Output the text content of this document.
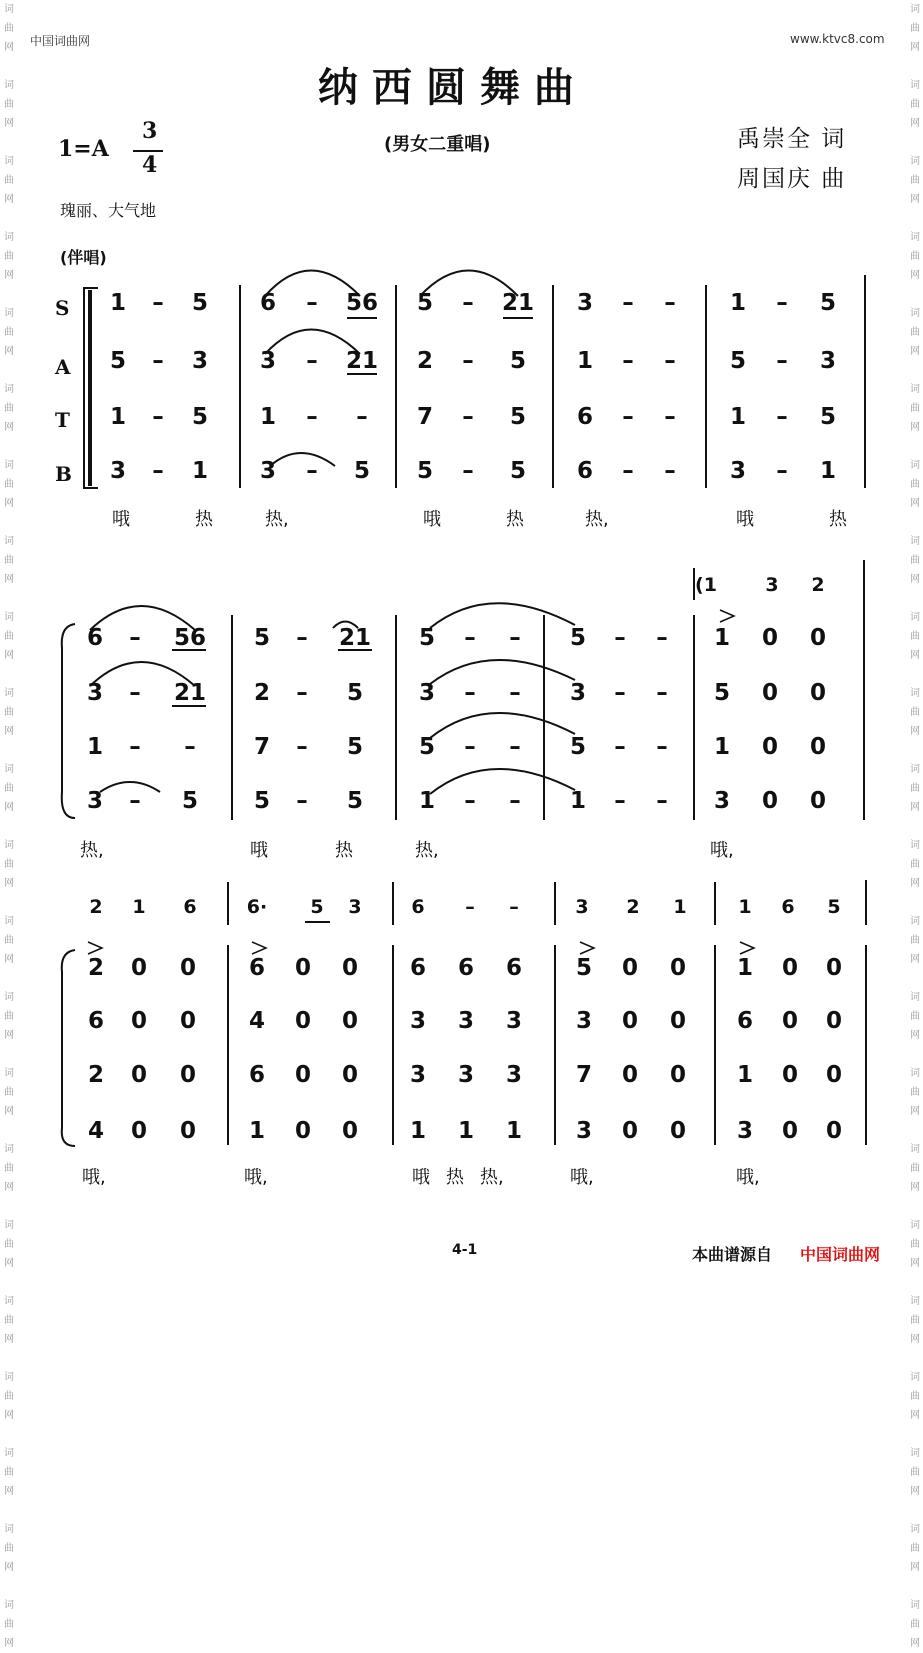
词
曲
网

词
曲
网

词
曲
网

词
曲
网

词
曲
网

词
曲
网

词
曲
网

词
曲
网

词
曲
网

词
曲
网

词
曲
网

词
曲
网

词
曲
网

词
曲
网

词
曲
网

词
曲
网

词
曲
网

词
曲
网

词
曲
网

词
曲
网

词
曲
网

词
曲
网

词
曲
网

词
曲
网

词
曲
网

词
曲
网

词
曲
网

词
曲
网

词
曲
网

词
曲
网

词
曲
网

词
曲
网

词
曲
网

词
曲
网

词
曲
网

词
曲
网

词
曲
网

词
曲
网

词
曲
网

词
曲
网

词
曲
网

词
曲
网

词
曲
网

词
曲
网

中国词曲网	www.ktvc8.com
纳西圆舞曲
1=A
3
4
(男女二重唱)	禹崇全 词
周国庆 曲
瑰丽、大气地
(伴唱)
S
A
T
B
1	–	5	6	–	56	5	–	21	3	–	–	1	–	5
5	–	3	3	–	21	2	–	5	1	–	–	5	–	3
1	–	5	1	–	–	7	–	5	6	–	–	1	–	5
3	–	1	3	–	5	5	–	5	6	–	–	3	–	1
哦	热	热,	哦	热	热,	哦	热
(1	3	2
6	–	56	5	–	21	5	–	–	5	–	–	1	0	0
3	–	21	2	–	5	3	–	–	3	–	–	5	0	0
1	–	–	7	–	5	5	–	–	5	–	–	1	0	0
3	–	5	5	–	5	1	–	–	1	–	–	3	0	0
热,	哦	热	热,	哦,
2	1	6	6·	5	3	6	–	–	3	2	1	1	6	5
2	0	0	6	0	0	6	6	6	5	0	0	1	0	0
6	0	0	4	0	0	3	3	3	3	0	0	6	0	0
2	0	0	6	0	0	3	3	3	7	0	0	1	0	0
4	0	0	1	0	0	1	1	1	3	0	0	3	0	0
哦,	哦,	哦 热 热,	哦,	哦,
4-1	本曲谱源自 中国词曲网
